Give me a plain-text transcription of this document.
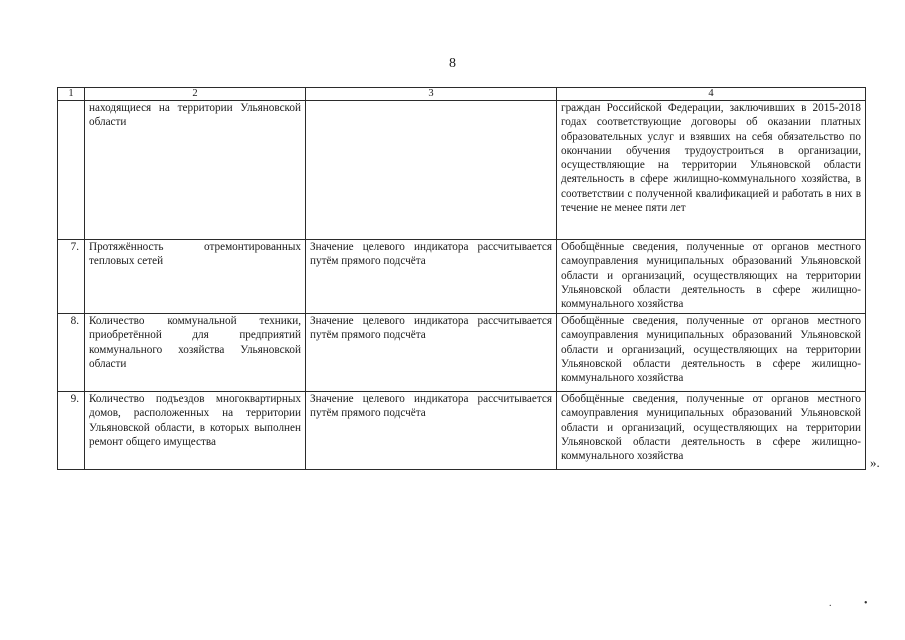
8
1	2	3	4
	находящиеся на территории Ульяновской области		граждан Российской Федерации, заключивших в 2015-2018 годах соответствующие договоры об оказании платных образовательных услуг и взявших на себя обязательство по окончании обучения трудоустроиться в организации, осуществляющие на территории Ульяновской области деятельность в сфере жилищно-коммунального хозяйства, в соответствии с полученной квалификацией и работать в них в течение не менее пяти лет
7.	Протяжённость отремонтированных тепловых сетей	Значение целевого индикатора рассчитывается путём прямого подсчёта	Обобщённые сведения, полученные от органов местного самоуправления муниципальных образований Ульяновской области и организаций, осуществляющих на территории Ульяновской области деятельность в сфере жилищно-коммунального хозяйства
8.	Количество коммунальной техники, приобретённой для предприятий коммунального хозяйства Ульяновской области	Значение целевого индикатора рассчитывается путём прямого подсчёта	Обобщённые сведения, полученные от органов местного самоуправления муниципальных образований Ульяновской области и организаций, осуществляющих на территории Ульяновской области деятельность в сфере жилищно-коммунального хозяйства
9.	Количество подъездов многоквартирных домов, расположенных на территории Ульяновской области, в которых выполнен ремонт общего имущества	Значение целевого индикатора рассчитывается путём прямого подсчёта	Обобщённые сведения, полученные от органов местного самоуправления муниципальных образований Ульяновской области и организаций, осуществляющих на территории Ульяновской области деятельность в сфере жилищно-коммунального хозяйства	».
.	•
